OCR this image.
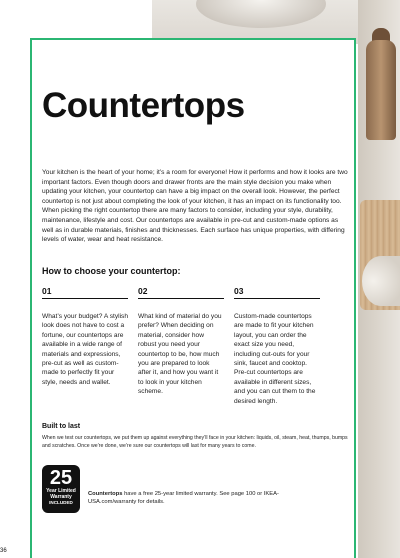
Countertops

Your kitchen is the heart of your home; it’s a room for everyone! How it performs and how it looks are two important factors. Even though doors and drawer fronts are the main style decision you make when updating your kitchen, your countertop can have a big impact on the overall look. However, the perfect countertop is not just about completing the look of your kitchen, it has an impact on its functionality too. When picking the right countertop there are many factors to consider, including your style, durability, maintenance, lifestyle and cost. Our countertops are available in pre-cut and custom-made options as well as in durable materials, finishes and thicknesses. Each surface has unique properties, with differing levels of water, wear and heat resistance.

How to choose your countertop:
01
What’s your budget? A stylish look does not have to cost a fortune, our countertops are available in a wide range of materials and expressions, pre-cut as well as custom-made to perfectly fit your style, needs and wallet.
02
What kind of material do you prefer? When deciding on material, consider how robust you need your countertop to be, how much you are prepared to look after it, and how you want it to look in your kitchen scheme.
03
Custom-made countertops are made to fit your kitchen layout, you can order the exact size you need, including cut-outs for your sink, faucet and cooktop. Pre-cut countertops are available in different sizes, and you can cut them to the desired length.
Built to last

When we test our countertops, we put them up against everything they’ll face in your kitchen: liquids, oil, steam, heat, thumps, bumps and scratches. Once we’re done, we’re sure our countertops will last for many years to come.

25
Year Limited
Warranty
INCLUDED

Countertops have a free 25-year limited warranty. See page 100 or IKEA-USA.com/warranty for details.

36
